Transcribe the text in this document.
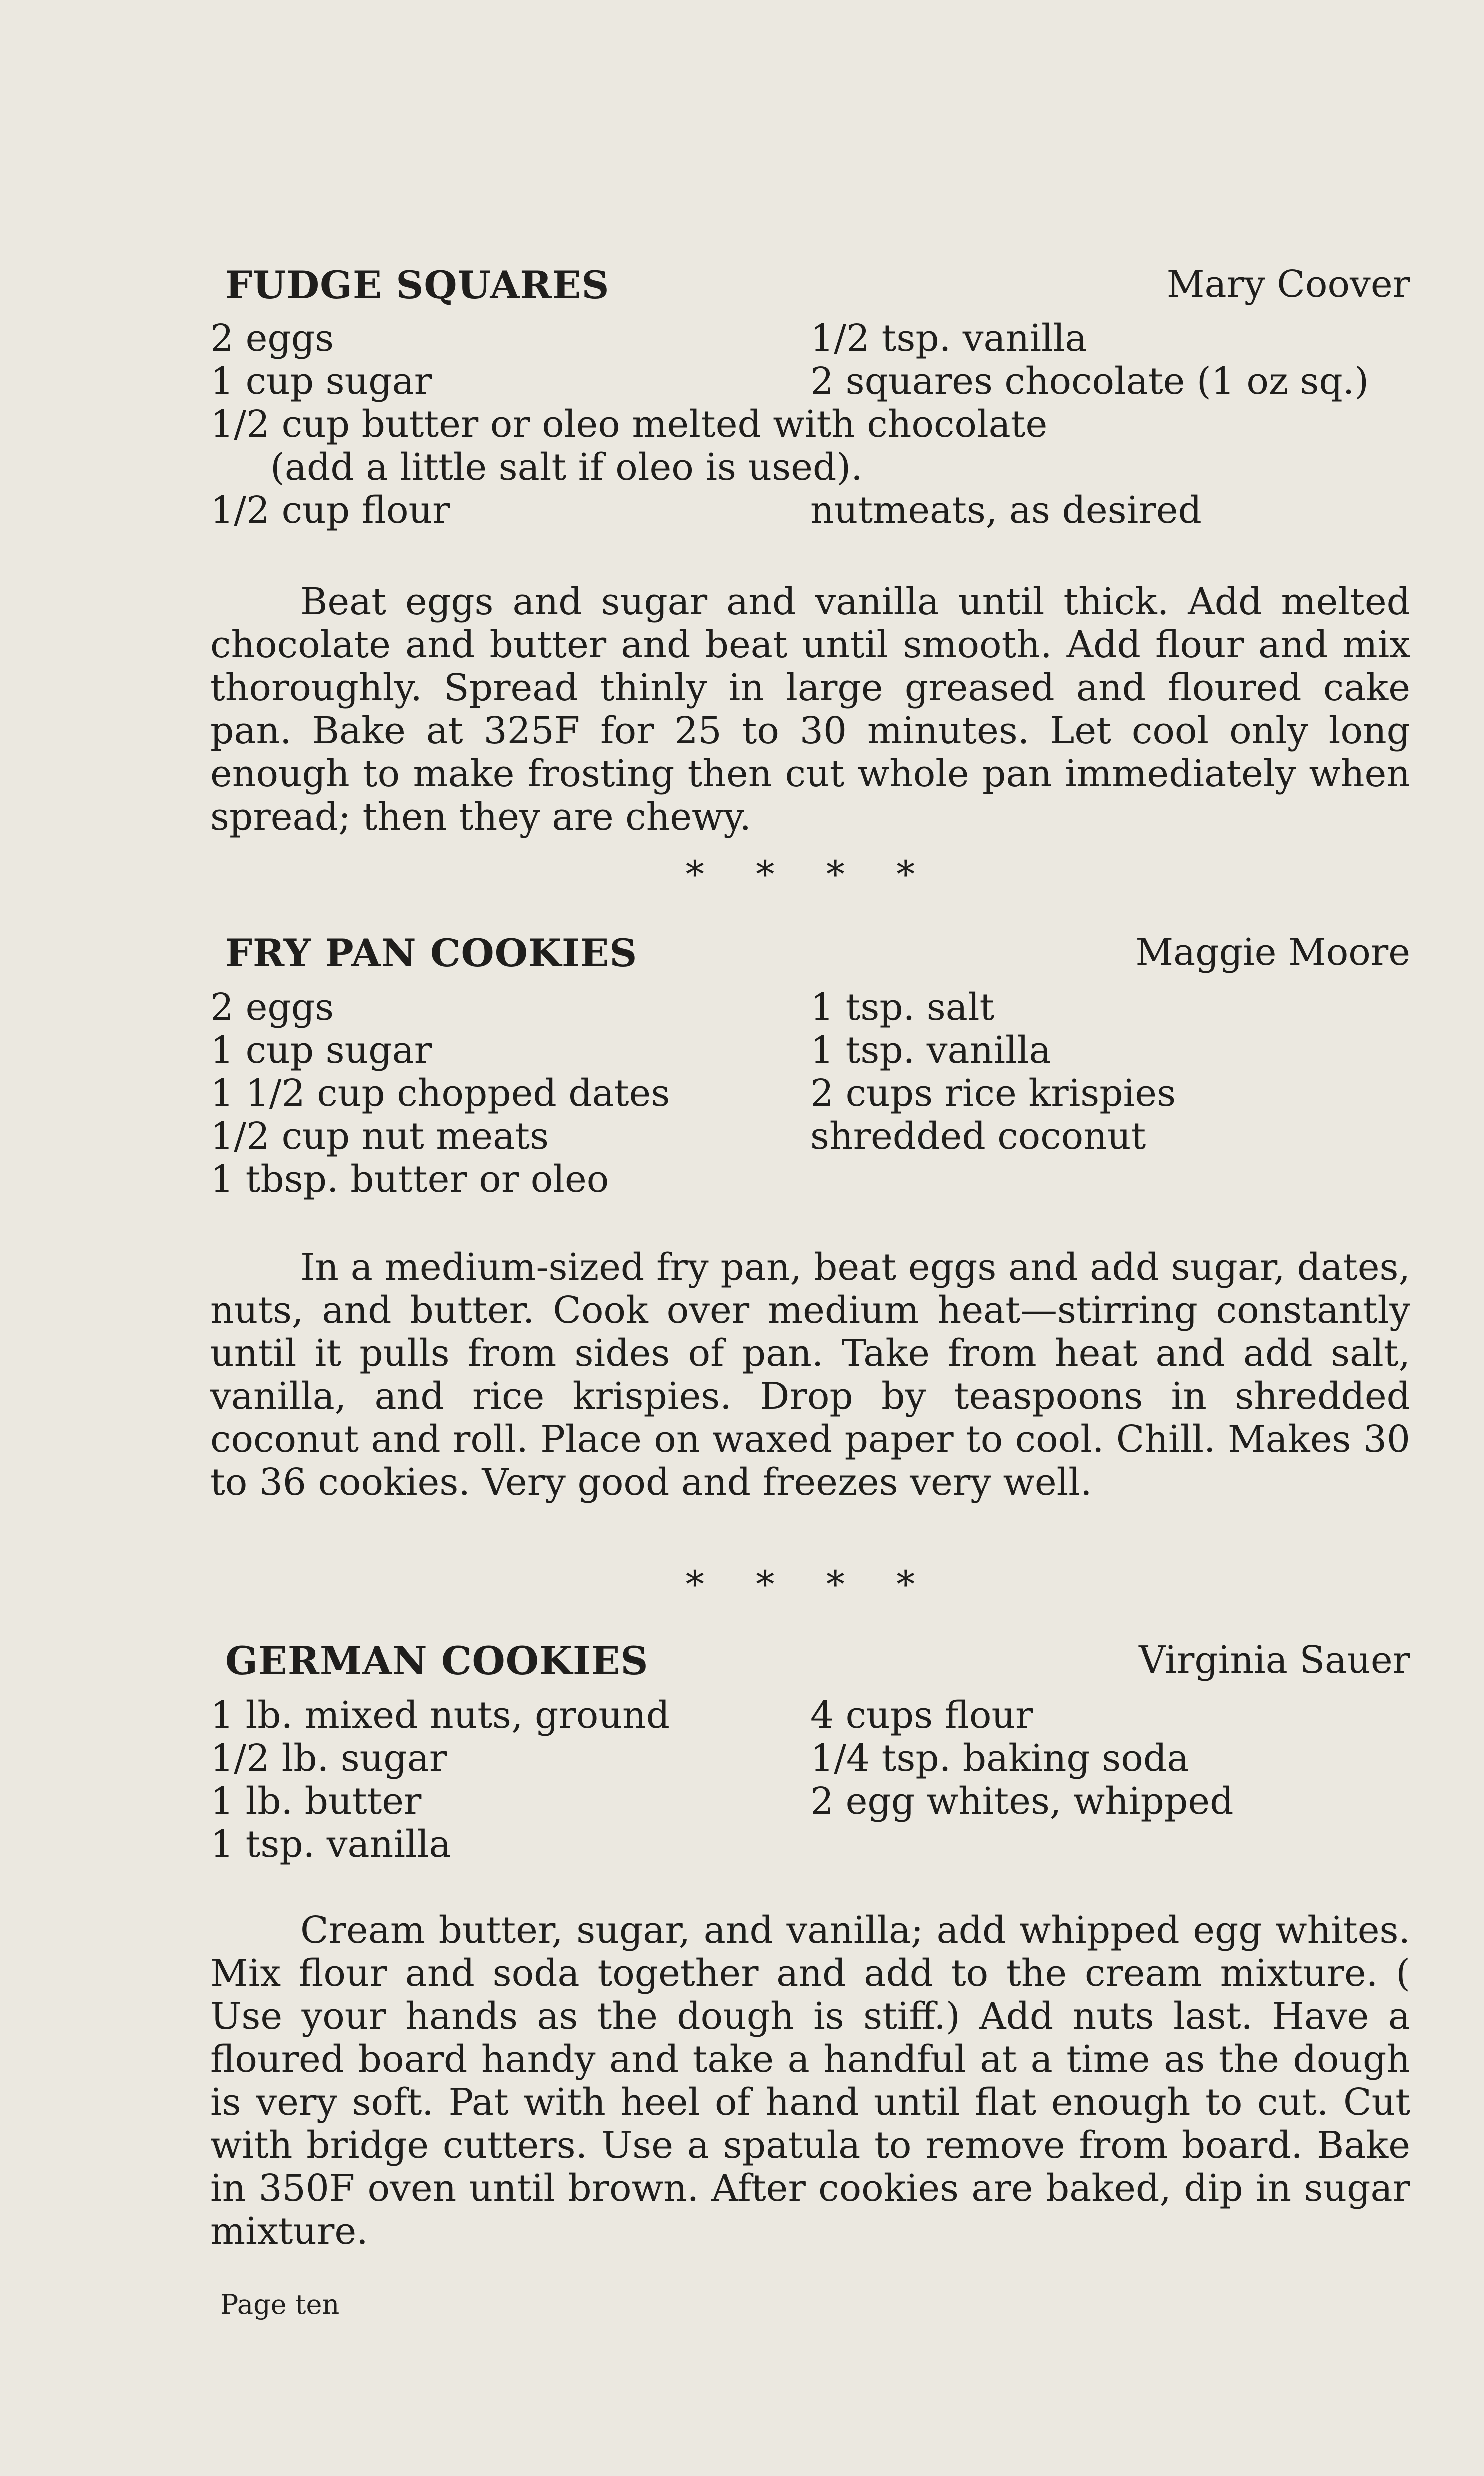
FUDGE SQUARES	Mary Coover
2 eggs	1/2 tsp. vanilla
1 cup sugar	2 squares chocolate (1 oz sq.)
1/2 cup butter or oleo melted with chocolate
(add a little salt if oleo is used).
1/2 cup flour	nutmeats, as desired
Beat eggs and sugar and vanilla until thick. Add melted chocolate and butter and beat until smooth. Add flour and mix thoroughly. Spread thinly in large greased and floured cake pan. Bake at 325F for 25 to 30 minutes. Let cool only long enough to make frosting then cut whole pan immediately when spread; then they are chewy.
* * * *
FRY PAN COOKIES	Maggie Moore
2 eggs	1 tsp. salt
1 cup sugar	1 tsp. vanilla
1 1/2 cup chopped dates	2 cups rice krispies
1/2 cup nut meats	shredded coconut
1 tbsp. butter or oleo
In a medium-sized fry pan, beat eggs and add sugar, dates, nuts, and butter. Cook over medium heat—stirring constantly until it pulls from sides of pan. Take from heat and add salt, vanilla, and rice krispies. Drop by teaspoons in shredded coconut and roll. Place on waxed paper to cool. Chill. Makes 30 to 36 cookies. Very good and freezes very well.
* * * *
GERMAN COOKIES	Virginia Sauer
1 lb. mixed nuts, ground	4 cups flour
1/2 lb. sugar	1/4 tsp. baking soda
1 lb. butter	2 egg whites, whipped
1 tsp. vanilla
Cream butter, sugar, and vanilla; add whipped egg whites. Mix flour and soda together and add to the cream mixture. ( Use your hands as the dough is stiff.) Add nuts last. Have a floured board handy and take a handful at a time as the dough is very soft. Pat with heel of hand until flat enough to cut. Cut with bridge cutters. Use a spatula to remove from board. Bake in 350F oven until brown. After cookies are baked, dip in sugar mixture.
Page ten
